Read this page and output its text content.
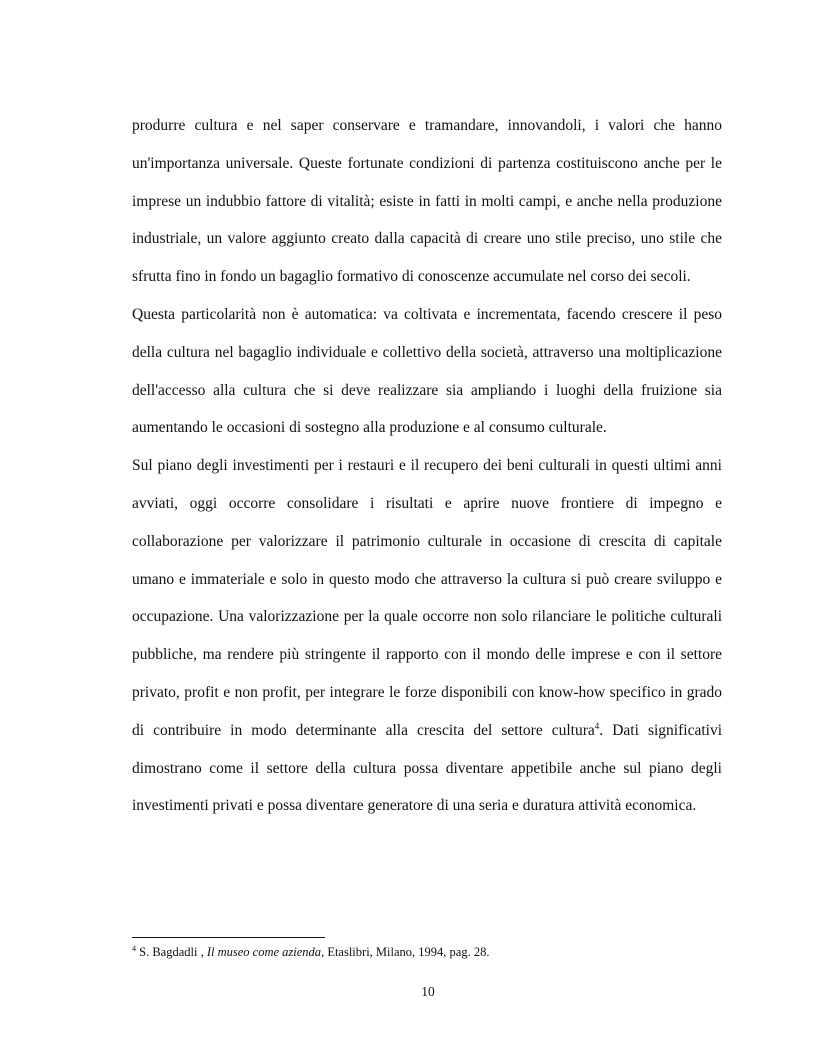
produrre cultura e nel saper conservare e tramandare, innovandoli, i valori che hanno un'importanza universale. Queste fortunate condizioni di partenza costituiscono anche per le imprese un indubbio fattore di vitalità; esiste in fatti in molti campi, e anche nella produzione industriale, un valore aggiunto creato dalla capacità di creare uno stile preciso, uno stile che sfrutta fino in fondo un bagaglio formativo di conoscenze accumulate nel corso dei secoli.

Questa particolarità non è automatica: va coltivata e incrementata, facendo crescere il peso della cultura nel bagaglio individuale e collettivo della società, attraverso una moltiplicazione dell'accesso alla cultura che si deve realizzare sia ampliando i luoghi della fruizione sia aumentando le occasioni di sostegno alla produzione e al consumo culturale.

Sul piano degli investimenti per i restauri e il recupero dei beni culturali in questi ultimi anni avviati, oggi occorre consolidare i risultati e aprire nuove frontiere di impegno e collaborazione per valorizzare il patrimonio culturale in occasione di crescita di capitale umano e immateriale e solo in questo modo che attraverso la cultura si può creare sviluppo e occupazione. Una valorizzazione per la quale occorre non solo rilanciare le politiche culturali pubbliche, ma rendere più stringente il rapporto con il mondo delle imprese e con il settore privato, profit e non profit, per integrare le forze disponibili con know-how specifico in grado di contribuire in modo determinante alla crescita del settore cultura$^4$. Dati significativi dimostrano come il settore della cultura possa diventare appetibile anche sul piano degli investimenti privati e possa diventare generatore di una seria e duratura attività economica.

$^4$ S. Bagdadli , Il museo come azienda, Etaslibri, Milano, 1994, pag. 28.
10
